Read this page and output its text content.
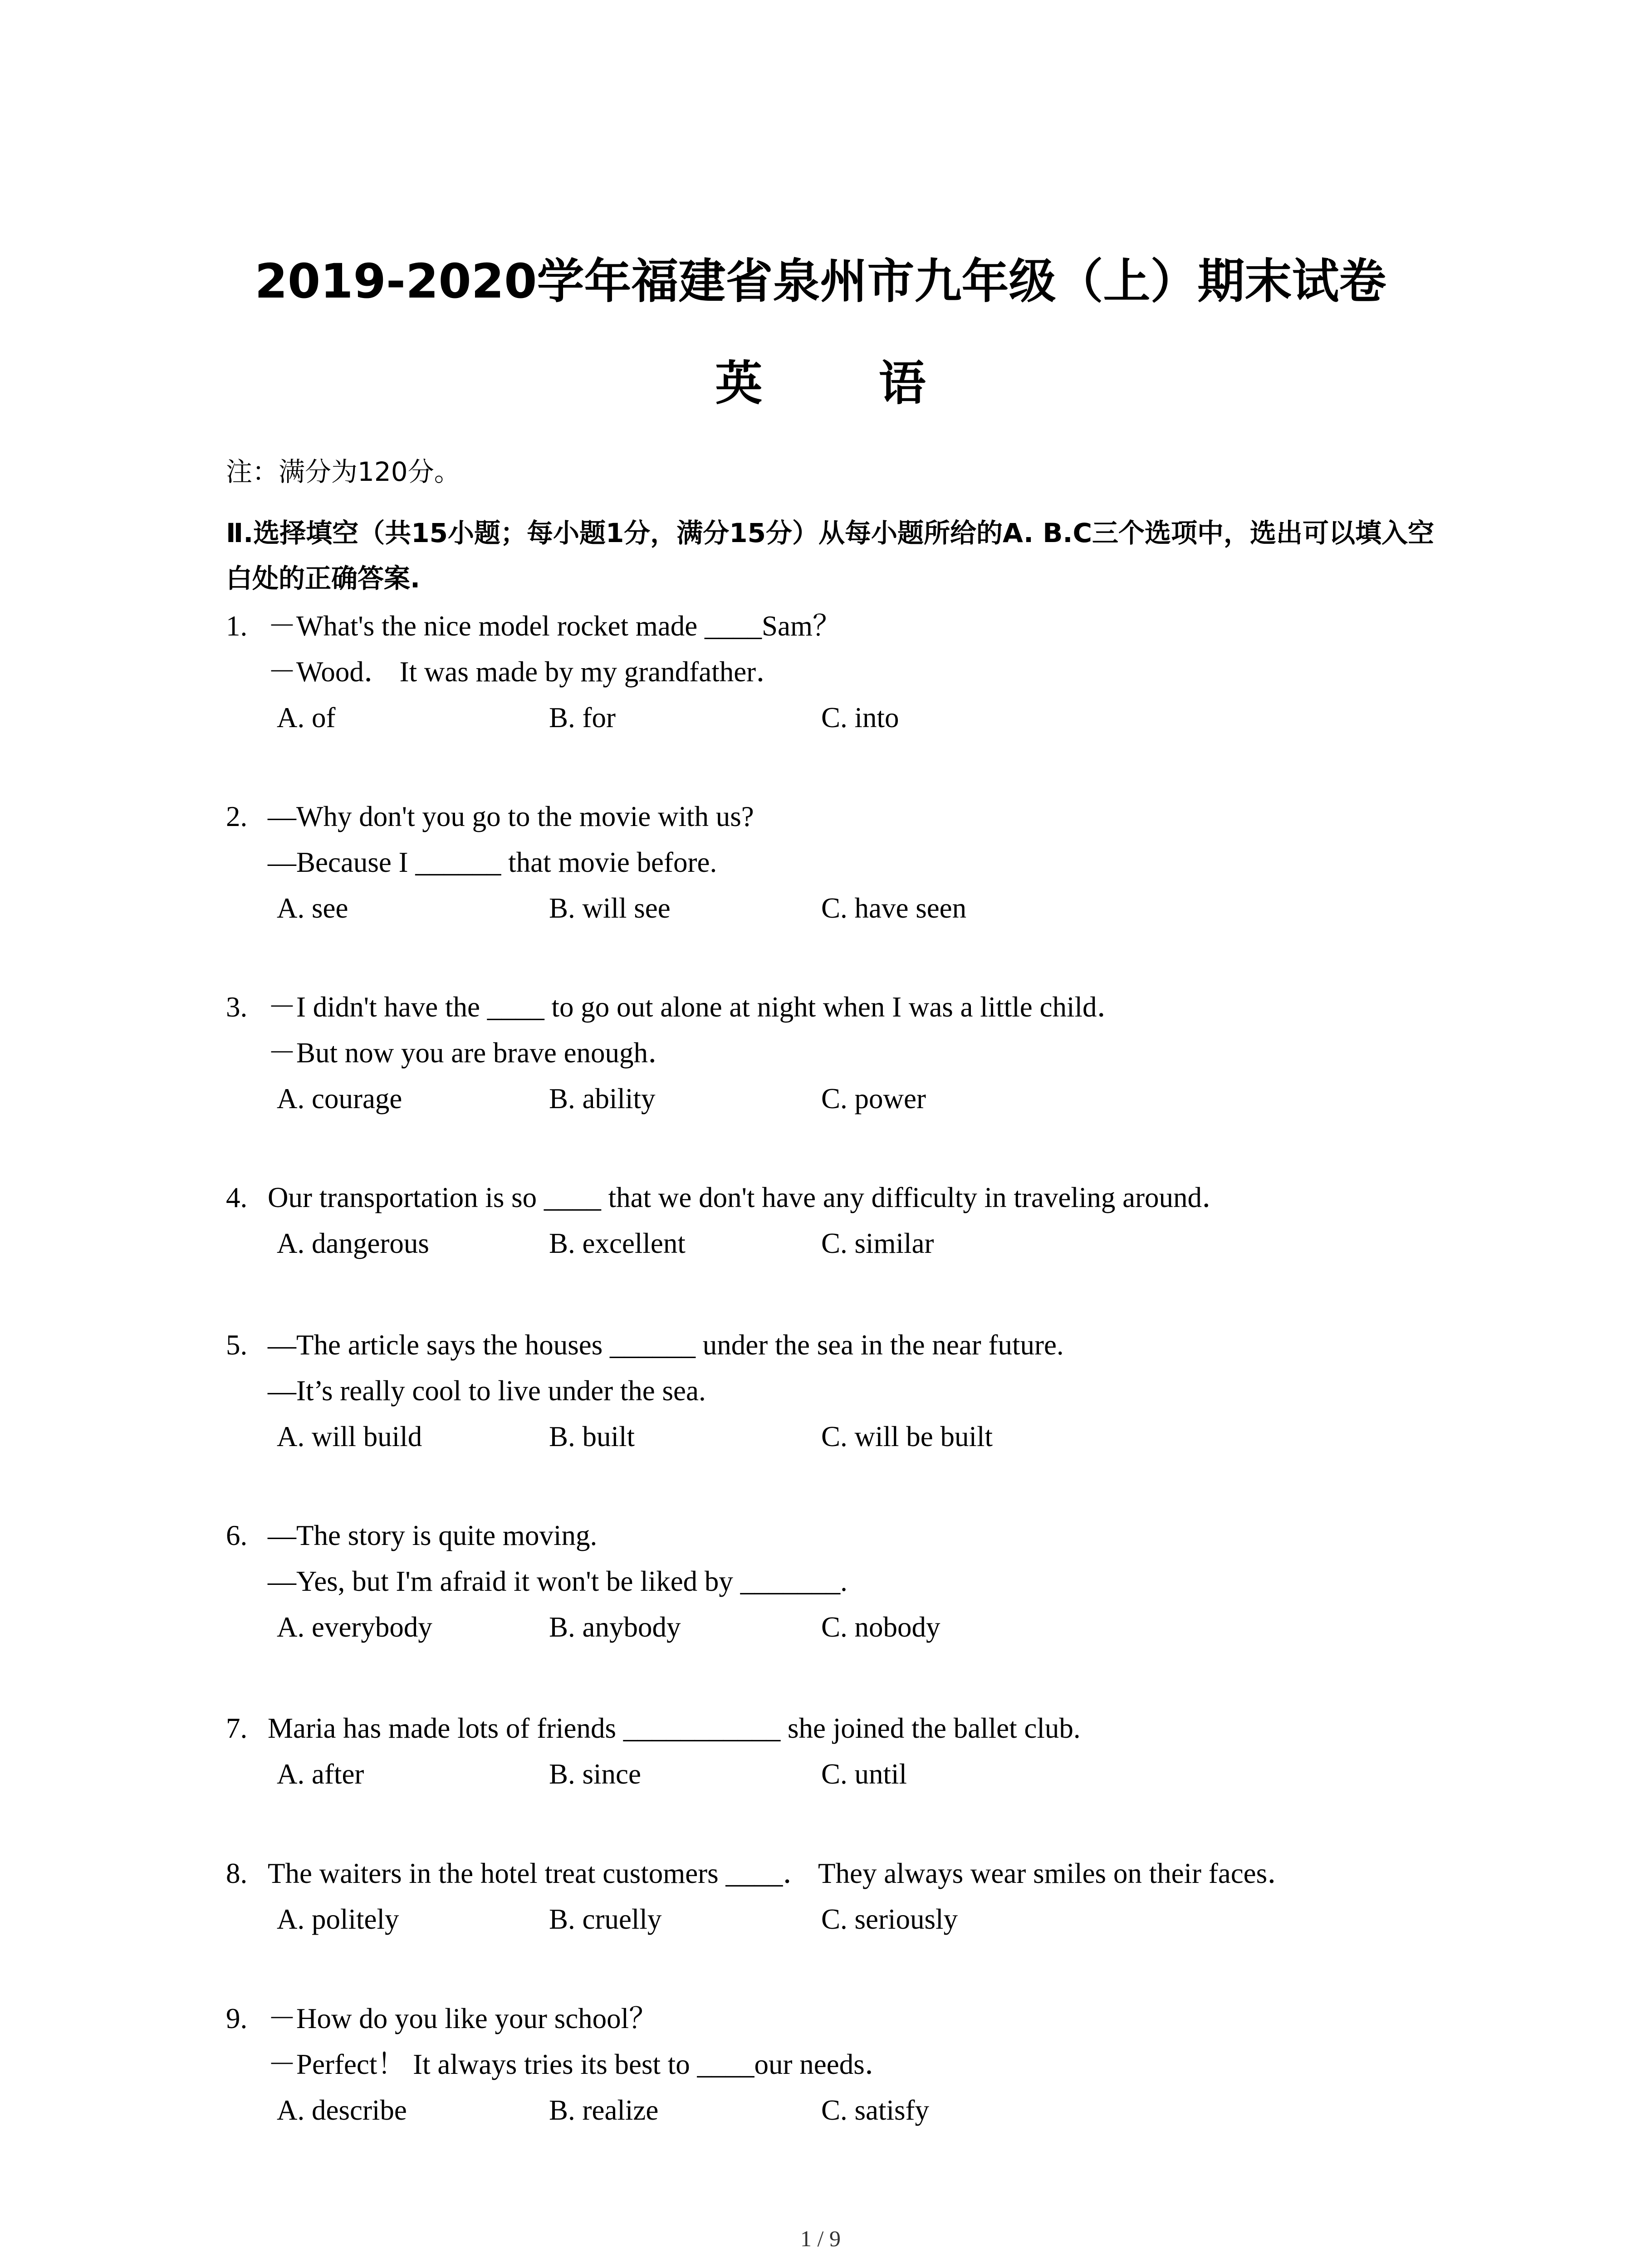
2019-2020学年福建省泉州市九年级（上）期末试卷
英 语
注：满分为120分。
Ⅱ.选择填空（共15小题；每小题1分，满分15分）从每小题所给的A. B.C三个选项中，选出可以填入空白处的正确答案.
1. －What's the nice model rocket made ____Sam？
－Wood． It was made by my grandfather．
A. of	B. for	C. into
2. —Why don't you go to the movie with us?
—Because I ______ that movie before.
A. see	B. will see	C. have seen
3. －I didn't have the ____ to go out alone at night when I was a little child．
－But now you are brave enough．
A. courage	B. ability	C. power
4. Our transportation is so ____ that we don't have any difficulty in traveling around．
A. dangerous	B. excellent	C. similar
5. —The article says the houses ______ under the sea in the near future.
—It’s really cool to live under the sea.
A. will build	B. built	C. will be built
6. —The story is quite moving.
—Yes, but I'm afraid it won't be liked by _______.
A. everybody	B. anybody	C. nobody
7. Maria has made lots of friends ___________ she joined the ballet club.
A. after	B. since	C. until
8. The waiters in the hotel treat customers ____． They always wear smiles on their faces．
A. politely	B. cruelly	C. seriously
9. －How do you like your school？
－Perfect！ It always tries its best to ____our needs．
A. describe	B. realize	C. satisfy
1 / 9
